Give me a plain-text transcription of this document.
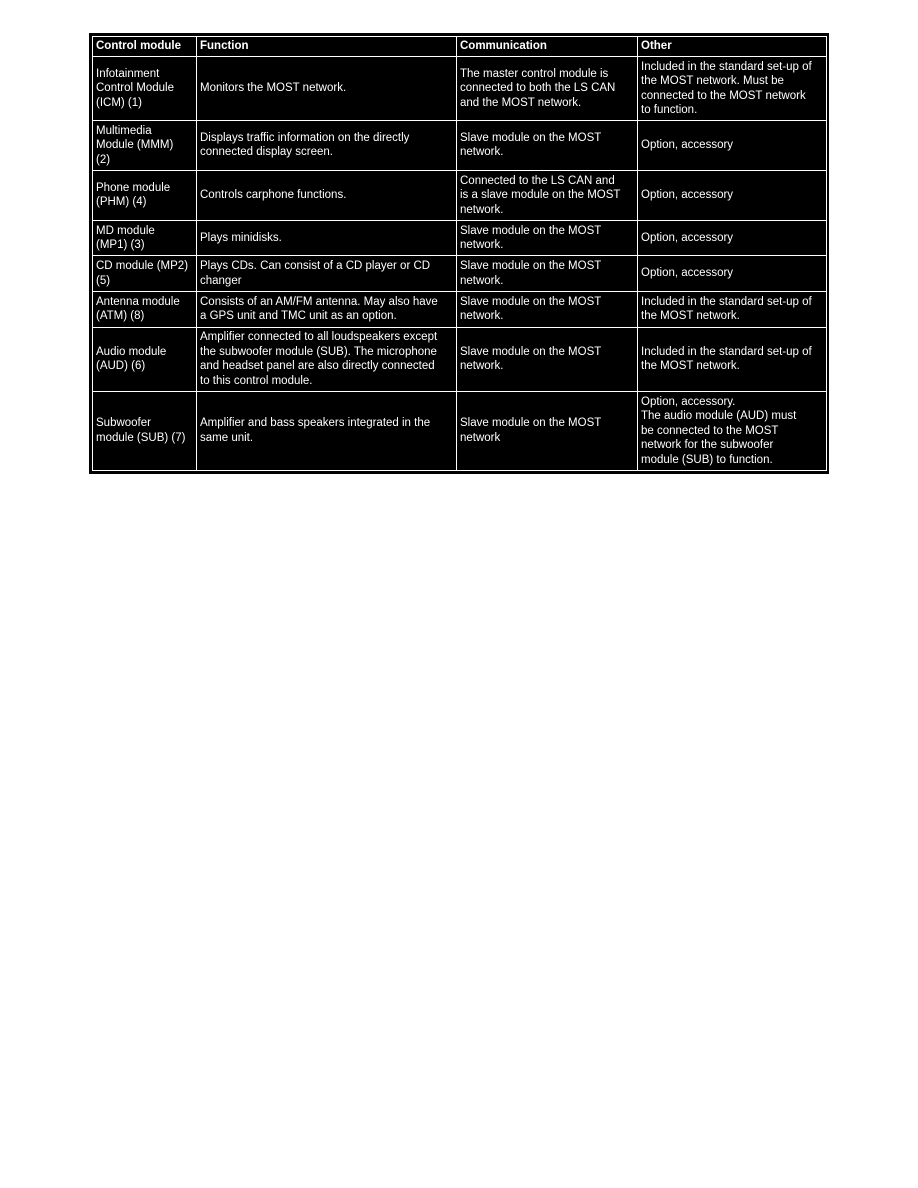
Control module	Function	Communication	Other

Infotainment
Control Module
(ICM) (1)	Monitors the MOST network.	The master control module is
connected to both the LS CAN
and the MOST network.	Included in the standard set-up of
the MOST network. Must be
connected to the MOST network
to function.

Multimedia
Module (MMM)
(2)	Displays traffic information on the directly
connected display screen.	Slave module on the MOST
network.	Option, accessory

Phone module
(PHM) (4)	Controls carphone functions.	Connected to the LS CAN and
is a slave module on the MOST
network.	Option, accessory

MD module
(MP1) (3)	Plays minidisks.	Slave module on the MOST
network.	Option, accessory

CD module (MP2)
(5)	Plays CDs. Can consist of a CD player or CD
changer	Slave module on the MOST
network.	Option, accessory

Antenna module
(ATM) (8)	Consists of an AM/FM antenna. May also have
a GPS unit and TMC unit as an option.	Slave module on the MOST
network.	Included in the standard set-up of
the MOST network.

Audio module
(AUD) (6)	Amplifier connected to all loudspeakers except
the subwoofer module (SUB). The microphone
and headset panel are also directly connected
to this control module.	Slave module on the MOST
network.	Included in the standard set-up of
the MOST network.

Subwoofer
module (SUB) (7)	Amplifier and bass speakers integrated in the
same unit.	Slave module on the MOST
network	Option, accessory.
The audio module (AUD) must
be connected to the MOST
network for the subwoofer
module (SUB) to function.
